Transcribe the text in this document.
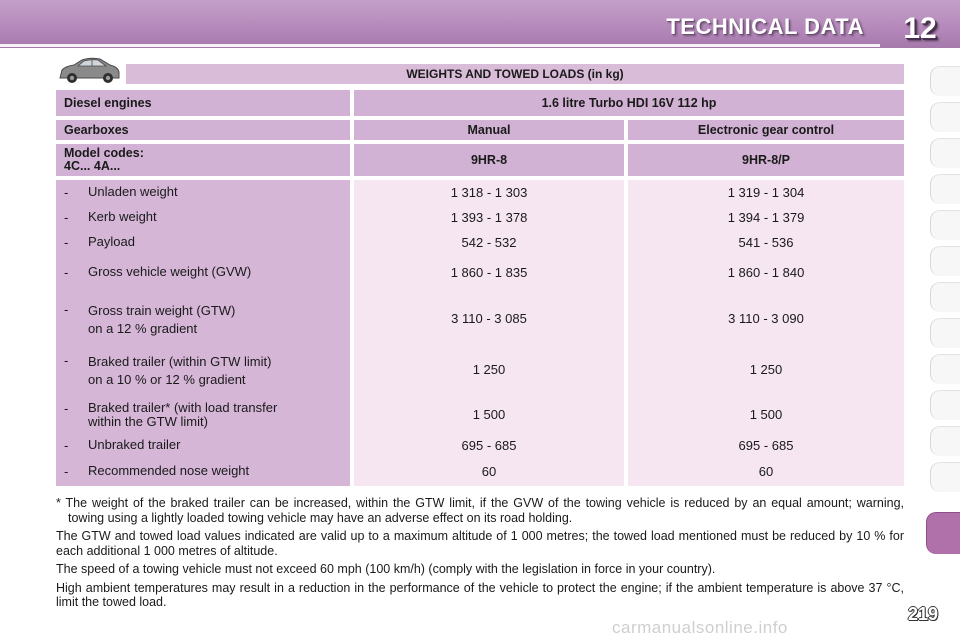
TECHNICAL DATA 12
WEIGHTS AND TOWED LOADS (in kg)
Diesel engines	1.6 litre Turbo HDI 16V 112 hp
Gearboxes	Manual	Electronic gear control
Model codes:
4C... 4A...	9HR-8	9HR-8/P
- Unladen weight	1 318 - 1 303	1 319 - 1 304
- Kerb weight	1 393 - 1 378	1 394 - 1 379
- Payload	542 - 532	541 - 536
- Gross vehicle weight (GVW)	1 860 - 1 835	1 860 - 1 840
- Gross train weight (GTW)
on a 12 % gradient
3 110 - 3 085	3 110 - 3 090
- Braked trailer (within GTW limit)
on a 10 % or 12 % gradient
1 250	1 250
- Braked trailer* (with load transfer
within the GTW limit)	1 500	1 500
- Unbraked trailer	695 - 685	695 - 685
- Recommended nose weight	60	60

* The weight of the braked trailer can be increased, within the GTW limit, if the GVW of the towing vehicle is reduced by an equal amount; warning, towing using a lightly loaded towing vehicle may have an adverse effect on its road holding.

The GTW and towed load values indicated are valid up to a maximum altitude of 1 000 metres; the towed load mentioned must be reduced by 10 % for each additional 1 000 metres of altitude.

The speed of a towing vehicle must not exceed 60 mph (100 km/h) (comply with the legislation in force in your country).

High ambient temperatures may result in a reduction in the performance of the vehicle to protect the engine; if the ambient temperature is above 37 °C, limit the towed load.

carmanualsonline.info
219
